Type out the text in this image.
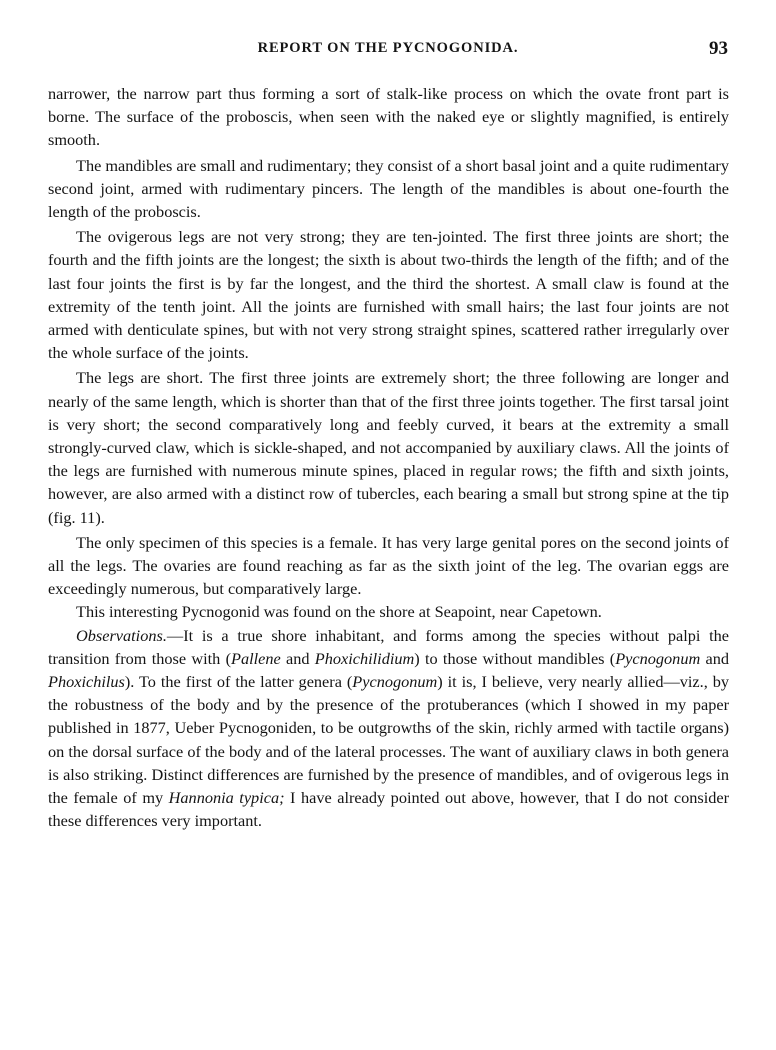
REPORT ON THE PYCNOGONIDA.	93

narrower, the narrow part thus forming a sort of stalk-like process on which the ovate front part is borne. The surface of the proboscis, when seen with the naked eye or slightly magnified, is entirely smooth.

The mandibles are small and rudimentary; they consist of a short basal joint and a quite rudimentary second joint, armed with rudimentary pincers. The length of the mandibles is about one-fourth the length of the proboscis.

The ovigerous legs are not very strong; they are ten-jointed. The first three joints are short; the fourth and the fifth joints are the longest; the sixth is about two-thirds the length of the fifth; and of the last four joints the first is by far the longest, and the third the shortest. A small claw is found at the extremity of the tenth joint. All the joints are furnished with small hairs; the last four joints are not armed with denticulate spines, but with not very strong straight spines, scattered rather irregularly over the whole surface of the joints.

The legs are short. The first three joints are extremely short; the three following are longer and nearly of the same length, which is shorter than that of the first three joints together. The first tarsal joint is very short; the second comparatively long and feebly curved, it bears at the extremity a small strongly-curved claw, which is sickle-shaped, and not accompanied by auxiliary claws. All the joints of the legs are furnished with numerous minute spines, placed in regular rows; the fifth and sixth joints, however, are also armed with a distinct row of tubercles, each bearing a small but strong spine at the tip (fig. 11).

The only specimen of this species is a female. It has very large genital pores on the second joints of all the legs. The ovaries are found reaching as far as the sixth joint of the leg. The ovarian eggs are exceedingly numerous, but comparatively large.

This interesting Pycnogonid was found on the shore at Seapoint, near Capetown.

Observations.—It is a true shore inhabitant, and forms among the species without palpi the transition from those with (Pallene and Phoxichilidium) to those without mandibles (Pycnogonum and Phoxichilus). To the first of the latter genera (Pycnogonum) it is, I believe, very nearly allied—viz., by the robustness of the body and by the presence of the protuberances (which I showed in my paper published in 1877, Ueber Pycnogoniden, to be outgrowths of the skin, richly armed with tactile organs) on the dorsal surface of the body and of the lateral processes. The want of auxiliary claws in both genera is also striking. Distinct differences are furnished by the presence of mandibles, and of ovigerous legs in the female of my Hannonia typica; I have already pointed out above, however, that I do not consider these differences very important.
